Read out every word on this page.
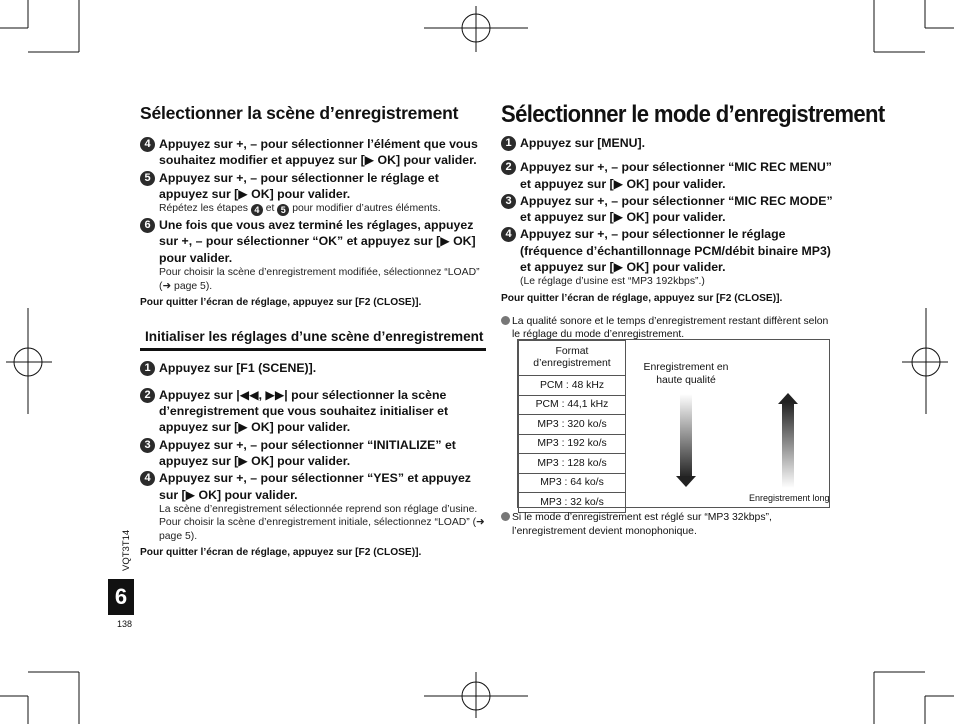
Sélectionner la scène d’enregistrement
4 Appuyez sur +, – pour sélectionner l’élément que vous souhaitez modifier et appuyez sur [▶ OK] pour valider.
5 Appuyez sur +, – pour sélectionner le réglage et appuyez sur [▶ OK] pour valider.
Répétez les étapes 4 et 5 pour modifier d’autres éléments.
6 Une fois que vous avez terminé les réglages, appuyez sur +, – pour sélectionner “OK” et appuyez sur [▶ OK] pour valider.
Pour choisir la scène d’enregistrement modifiée, sélectionnez “LOAD” (➜ page 5).
Pour quitter l’écran de réglage, appuyez sur [F2 (CLOSE)].
Initialiser les réglages d’une scène d’enregistrement
1 Appuyez sur [F1 (SCENE)].
2 Appuyez sur |◀◀, ▶▶| pour sélectionner la scène d’enregistrement que vous souhaitez initialiser et appuyez sur [▶ OK] pour valider.
3 Appuyez sur +, – pour sélectionner “INITIALIZE” et appuyez sur [▶ OK] pour valider.
4 Appuyez sur +, – pour sélectionner “YES” et appuyez sur [▶ OK] pour valider.
La scène d’enregistrement sélectionnée reprend son réglage d’usine.
Pour choisir la scène d’enregistrement initiale, sélectionnez “LOAD” (➜ page 5).
Pour quitter l’écran de réglage, appuyez sur [F2 (CLOSE)].
Sélectionner le mode d’enregistrement
1 Appuyez sur [MENU].
2 Appuyez sur +, – pour sélectionner “MIC REC MENU” et appuyez sur [▶ OK] pour valider.
3 Appuyez sur +, – pour sélectionner “MIC REC MODE” et appuyez sur [▶ OK] pour valider.
4 Appuyez sur +, – pour sélectionner le réglage (fréquence d’échantillonnage PCM/débit binaire MP3) et appuyez sur [▶ OK] pour valider.
(Le réglage d’usine est “MP3 192kbps”.)
Pour quitter l’écran de réglage, appuyez sur [F2 (CLOSE)].
La qualité sonore et le temps d’enregistrement restant diffèrent selon le réglage du mode d’enregistrement.
Format d’enregistrement
PCM : 48 kHz
PCM : 44,1 kHz
MP3 : 320 ko/s
MP3 : 192 ko/s
MP3 : 128 ko/s
MP3 : 64 ko/s
MP3 : 32 ko/s
Enregistrement en haute qualité
Enregistrement long
Si le mode d’enregistrement est réglé sur “MP3 32kbps”, l’enregistrement devient monophonique.
VQT3T14
6
138
